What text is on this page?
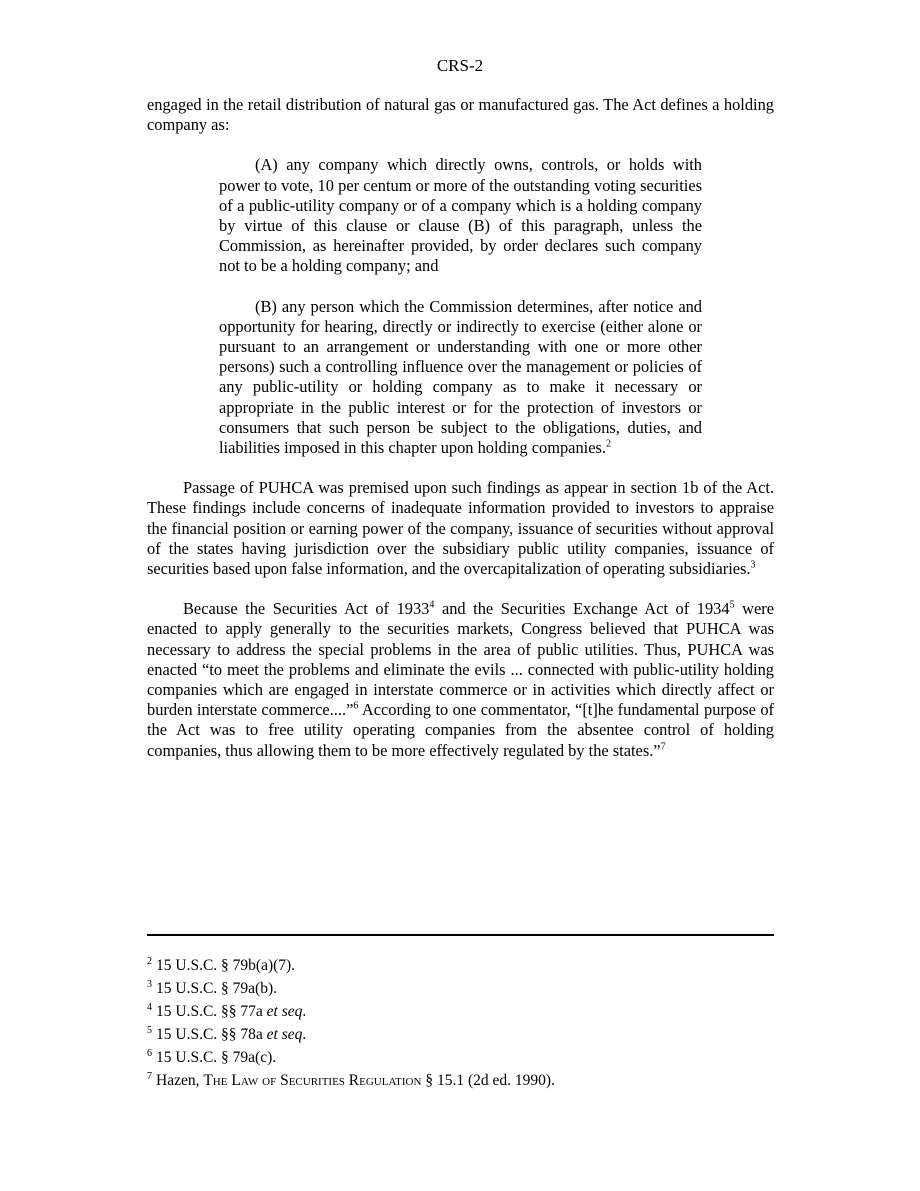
CRS-2

engaged in the retail distribution of natural gas or manufactured gas. The Act defines a holding company as:

(A) any company which directly owns, controls, or holds with power to vote, 10 per centum or more of the outstanding voting securities of a public-utility company or of a company which is a holding company by virtue of this clause or clause (B) of this paragraph, unless the Commission, as hereinafter provided, by order declares such company not to be a holding company; and

(B) any person which the Commission determines, after notice and opportunity for hearing, directly or indirectly to exercise (either alone or pursuant to an arrangement or understanding with one or more other persons) such a controlling influence over the management or policies of any public-utility or holding company as to make it necessary or appropriate in the public interest or for the protection of investors or consumers that such person be subject to the obligations, duties, and liabilities imposed in this chapter upon holding companies.$^2$

Passage of PUHCA was premised upon such findings as appear in section 1b of the Act. These findings include concerns of inadequate information provided to investors to appraise the financial position or earning power of the company, issuance of securities without approval of the states having jurisdiction over the subsidiary public utility companies, issuance of securities based upon false information, and the overcapitalization of operating subsidiaries.$^3$

Because the Securities Act of 1933$^4$ and the Securities Exchange Act of 1934$^5$ were enacted to apply generally to the securities markets, Congress believed that PUHCA was necessary to address the special problems in the area of public utilities. Thus, PUHCA was enacted “to meet the problems and eliminate the evils ... connected with public-utility holding companies which are engaged in interstate commerce or in activities which directly affect or burden interstate commerce....”$^6$ According to one commentator, “[t]he fundamental purpose of the Act was to free utility operating companies from the absentee control of holding companies, thus allowing them to be more effectively regulated by the states.”$^7$

$^2$ 15 U.S.C. § 79b(a)(7).

$^3$ 15 U.S.C. § 79a(b).

$^4$ 15 U.S.C. §§ 77a et seq.

$^5$ 15 U.S.C. §§ 78a et seq.

$^6$ 15 U.S.C. § 79a(c).

$^7$ Hazen, The Law of Securities Regulation § 15.1 (2d ed. 1990).
